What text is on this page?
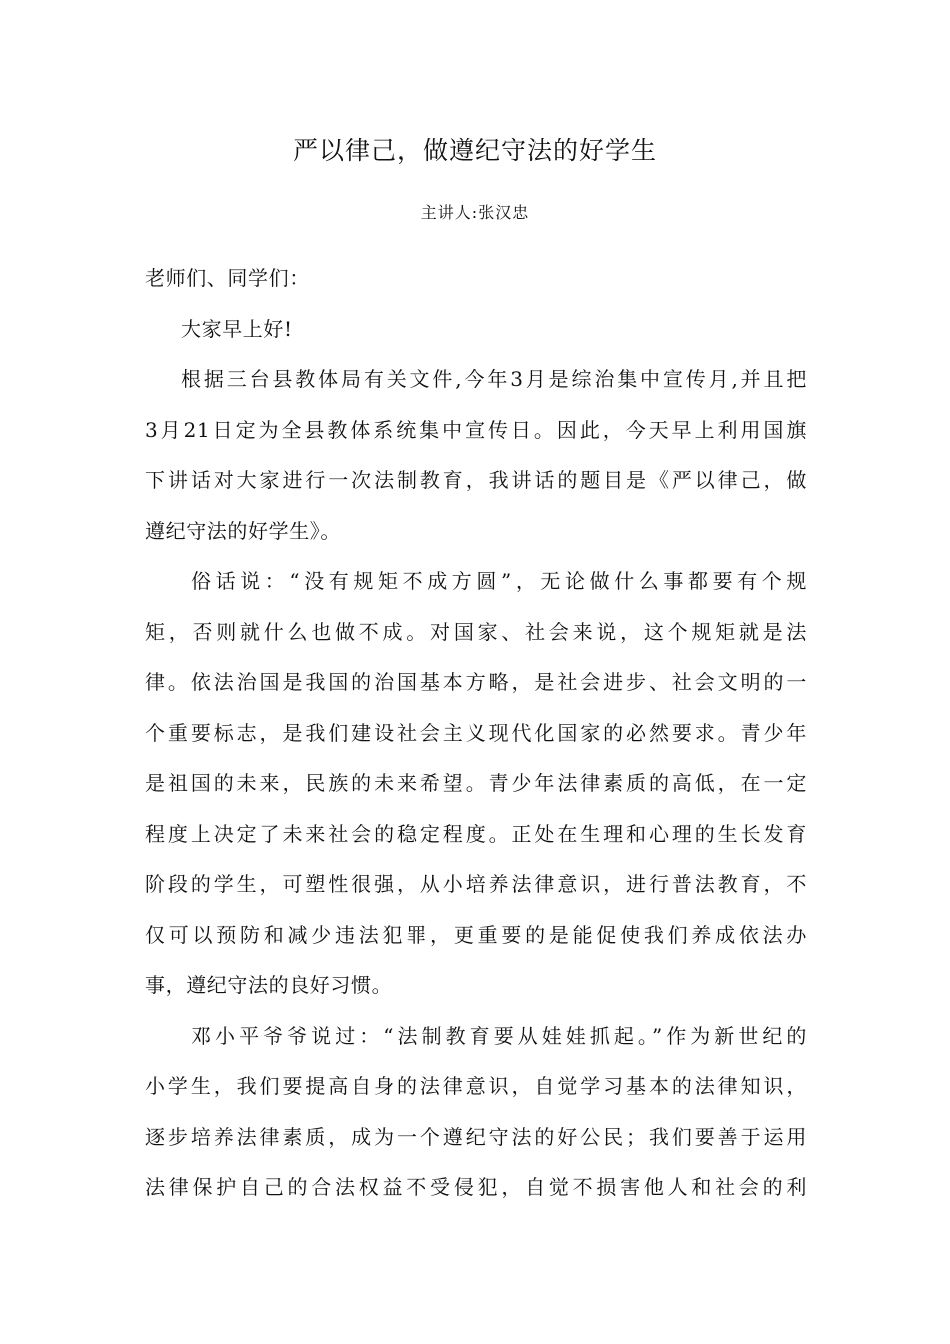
严以律己，做遵纪守法的好学生
主讲人:张汉忠
老师们、同学们：
大家早上好!
根据三台县教体局有关文件,今年3月是综治集中宣传月,并且把
3月21日定为全县教体系统集中宣传日。因此，今天早上利用国旗
下讲话对大家进行一次法制教育，我讲话的题目是《严以律己，做
遵纪守法的好学生》。
俗话说：“没有规矩不成方圆”，无论做什么事都要有个规
矩，否则就什么也做不成。对国家、社会来说，这个规矩就是法
律。依法治国是我国的治国基本方略，是社会进步、社会文明的一
个重要标志，是我们建设社会主义现代化国家的必然要求。青少年
是祖国的未来，民族的未来希望。青少年法律素质的高低，在一定
程度上决定了未来社会的稳定程度。正处在生理和心理的生长发育
阶段的学生，可塑性很强，从小培养法律意识，进行普法教育，不
仅可以预防和减少违法犯罪，更重要的是能促使我们养成依法办
事，遵纪守法的良好习惯。
邓小平爷爷说过：“法制教育要从娃娃抓起。”作为新世纪的
小学生，我们要提高自身的法律意识，自觉学习基本的法律知识，
逐步培养法律素质，成为一个遵纪守法的好公民；我们要善于运用
法律保护自己的合法权益不受侵犯，自觉不损害他人和社会的利
